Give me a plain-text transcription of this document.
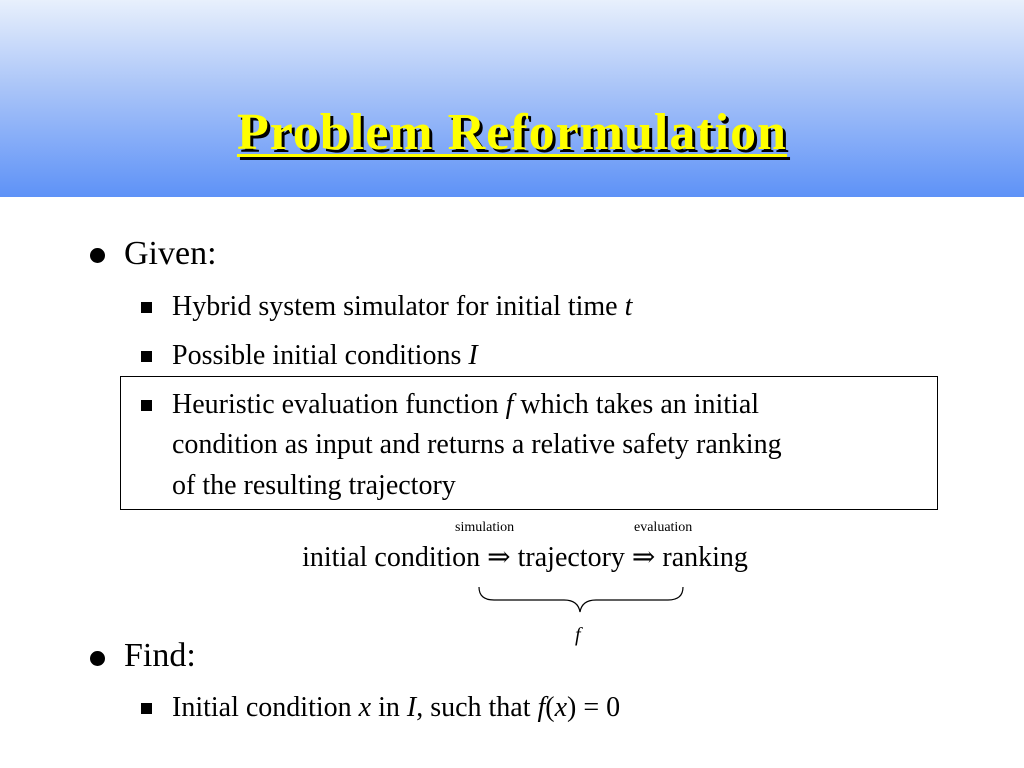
Problem Reformulation
Given:
Hybrid system simulator for initial time t
Possible initial conditions I
Heuristic evaluation function f which takes an initial
condition as input and returns a relative safety ranking
of the resulting trajectory
simulation	evaluation
initial condition ⇒ trajectory ⇒ ranking
f
Find:
Initial condition x in I, such that f(x) = 0
